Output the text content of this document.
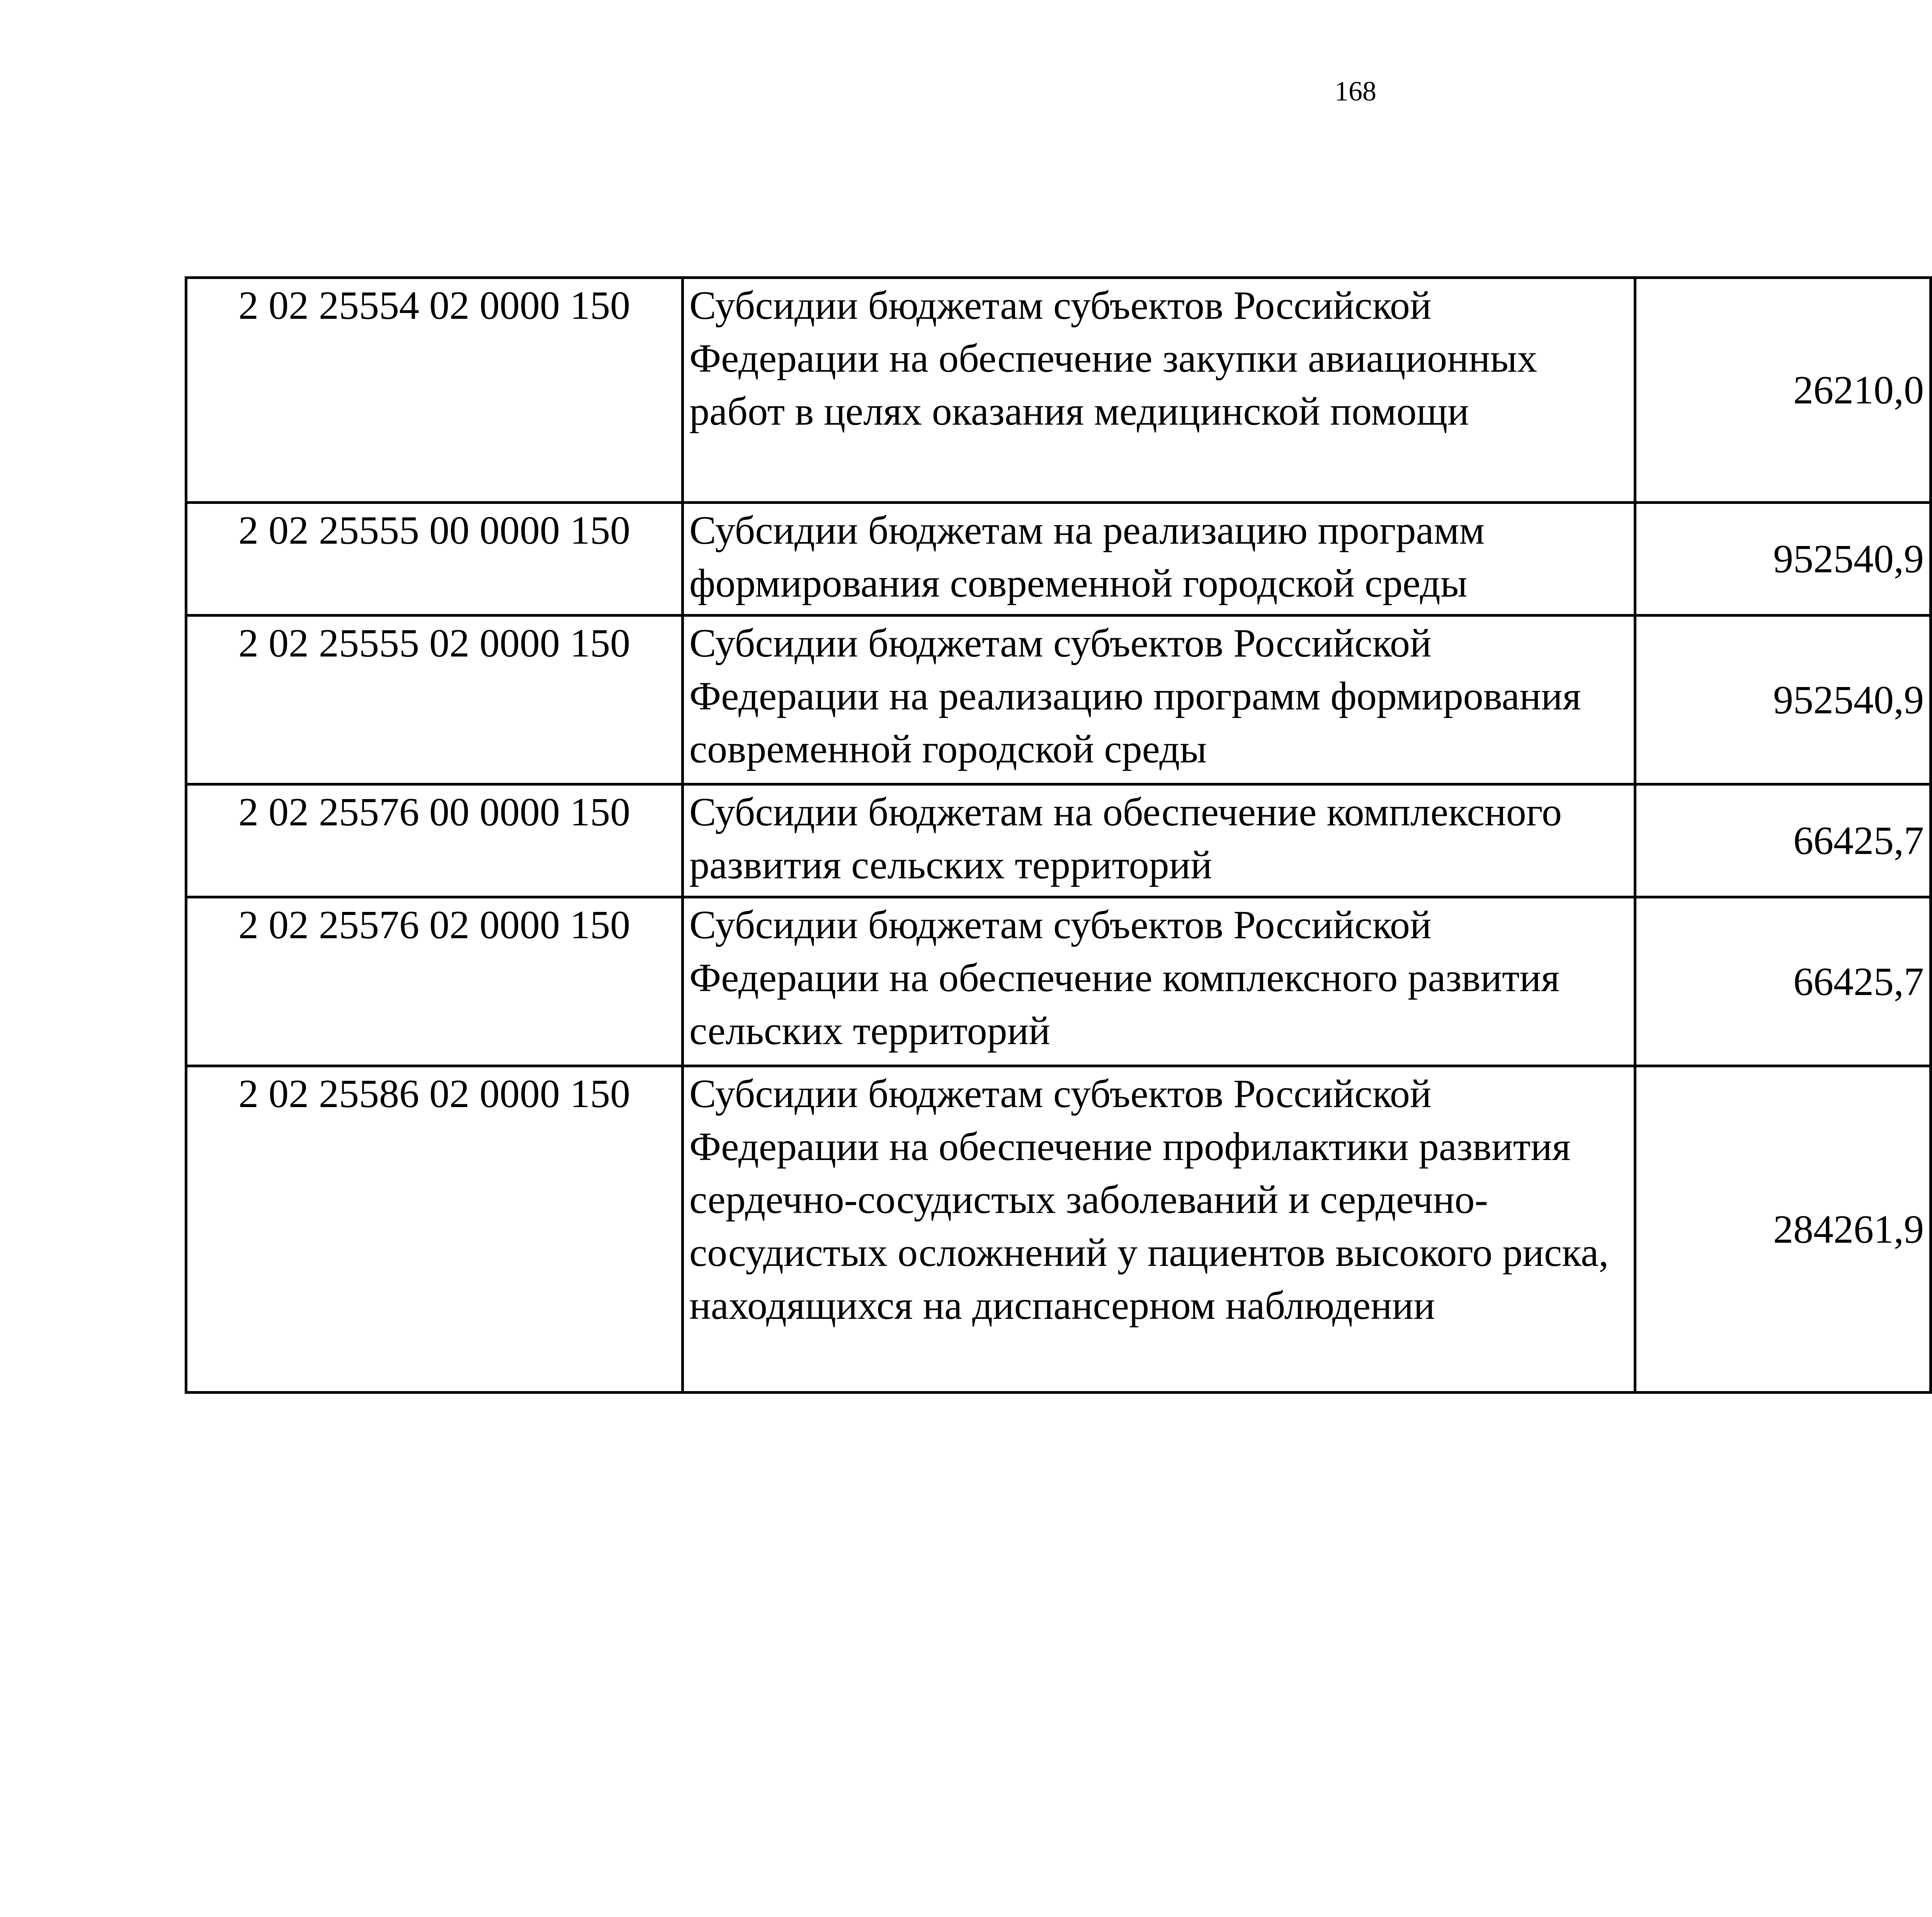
168
2 02 25554 02 0000 150	Субсидии бюджетам субъектов Российской Федерации на обеспечение закупки авиационных работ в целях оказания медицинской помощи	26210,0		
2 02 25555 00 0000 150	Субсидии бюджетам на реализацию программ формирования современной городской среды	952540,9		
2 02 25555 02 0000 150	Субсидии бюджетам субъектов Российской Федерации на реализацию программ формирования современной городской среды	952540,9		
2 02 25576 00 0000 150	Субсидии бюджетам на обеспечение комплексного развития сельских территорий	66425,7		
2 02 25576 02 0000 150	Субсидии бюджетам субъектов Российской Федерации на обеспечение комплексного развития сельских территорий	66425,7		
2 02 25586 02 0000 150	Субсидии бюджетам субъектов Российской Федерации на обеспечение профилактики развития сердечно-сосудистых заболеваний и сердечно-сосудистых осложнений у пациентов высокого риска, находящихся на диспансерном наблюдении	284261,9		
